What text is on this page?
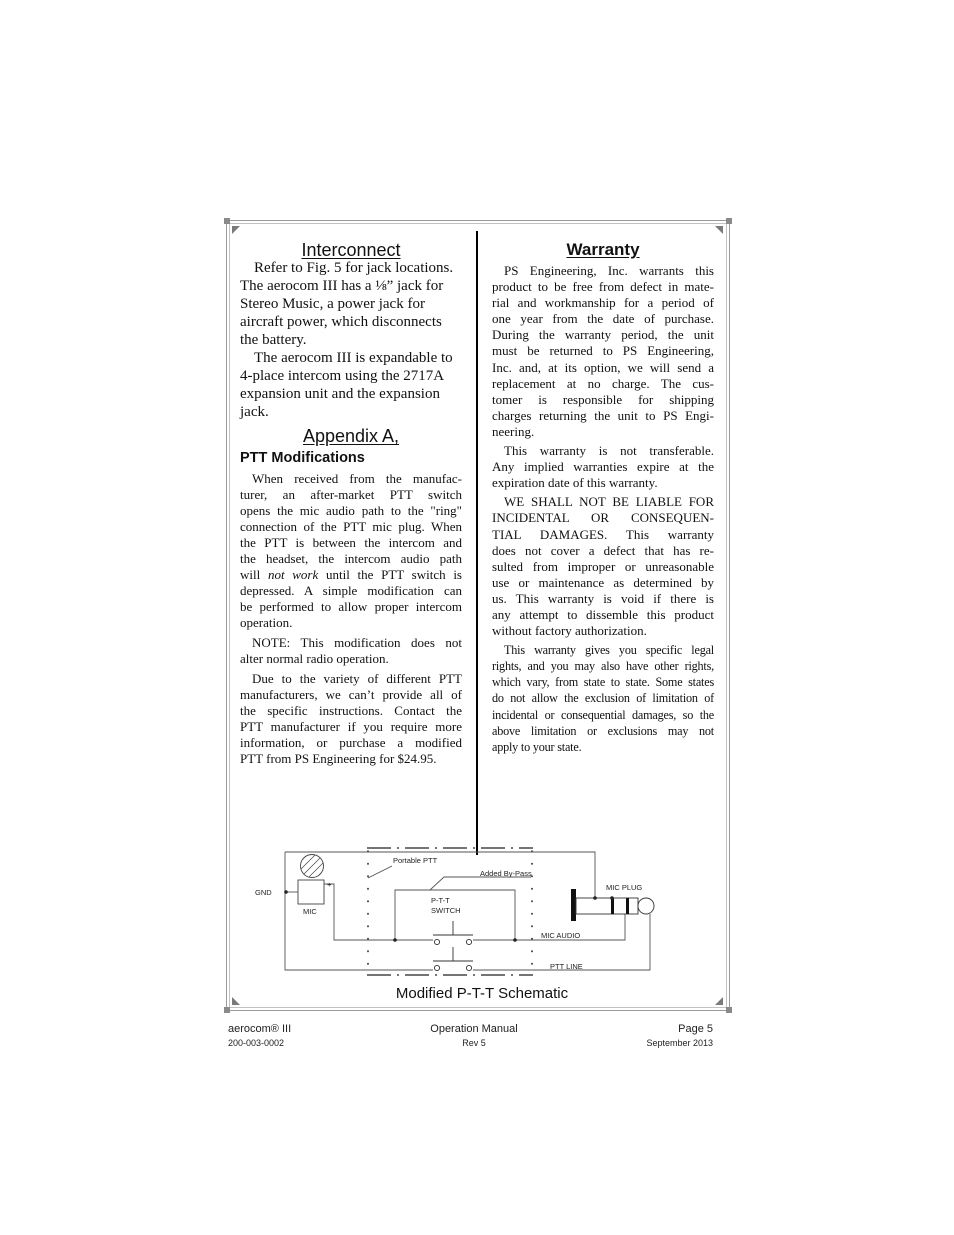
Interconnect
Refer to Fig. 5 for jack locations.
The aerocom III has a ⅛” jack for
Stereo Music, a power jack for
aircraft power, which disconnects
the battery.
The aerocom III is expandable to
4-place intercom using the 2717A
expansion unit and the expansion
jack.
Appendix A,
PTT Modifications
When received from the manufac-
turer, an after-market PTT switch
opens the mic audio path to the "ring"
connection of the PTT mic plug. When
the PTT is between the intercom and
the headset, the intercom audio path
will not work until the PTT switch is
depressed. A simple modification can
be performed to allow proper intercom
operation.
NOTE: This modification does not
alter normal radio operation.
Due to the variety of different PTT
manufacturers, we can’t provide all of
the specific instructions. Contact the
PTT manufacturer if you require more
information, or purchase a modified
PTT from PS Engineering for $24.95.
Warranty
PS Engineering, Inc. warrants this
product to be free from defect in mate-
rial and workmanship for a period of
one year from the date of purchase.
During the warranty period, the unit
must be returned to PS Engineering,
Inc. and, at its option, we will send a
replacement at no charge. The cus-
tomer is responsible for shipping
charges returning the unit to PS Engi-
neering.
This warranty is not transferable.
Any implied warranties expire at the
expiration date of this warranty.
WE SHALL NOT BE LIABLE FOR
INCIDENTAL OR CONSEQUEN-
TIAL DAMAGES. This warranty
does not cover a defect that has re-
sulted from improper or unreasonable
use or maintenance as determined by
us. This warranty is void if there is
any attempt to dissemble this product
without factory authorization.
This warranty gives you specific legal
rights, and you may also have other rights,
which vary, from state to state. Some states
do not allow the exclusion of limitation of
incidental or consequential damages, so the
above limitation or exclusions may not
apply to your state.
GND
MIC
+
Portable PTT
Added By-Pass
P-T-T
SWITCH
MIC PLUG
MIC AUDIO
PTT LINE
Modified P-T-T Schematic
aerocom® III	Operation Manual	Page 5
200-003-0002	Rev 5	September 2013
